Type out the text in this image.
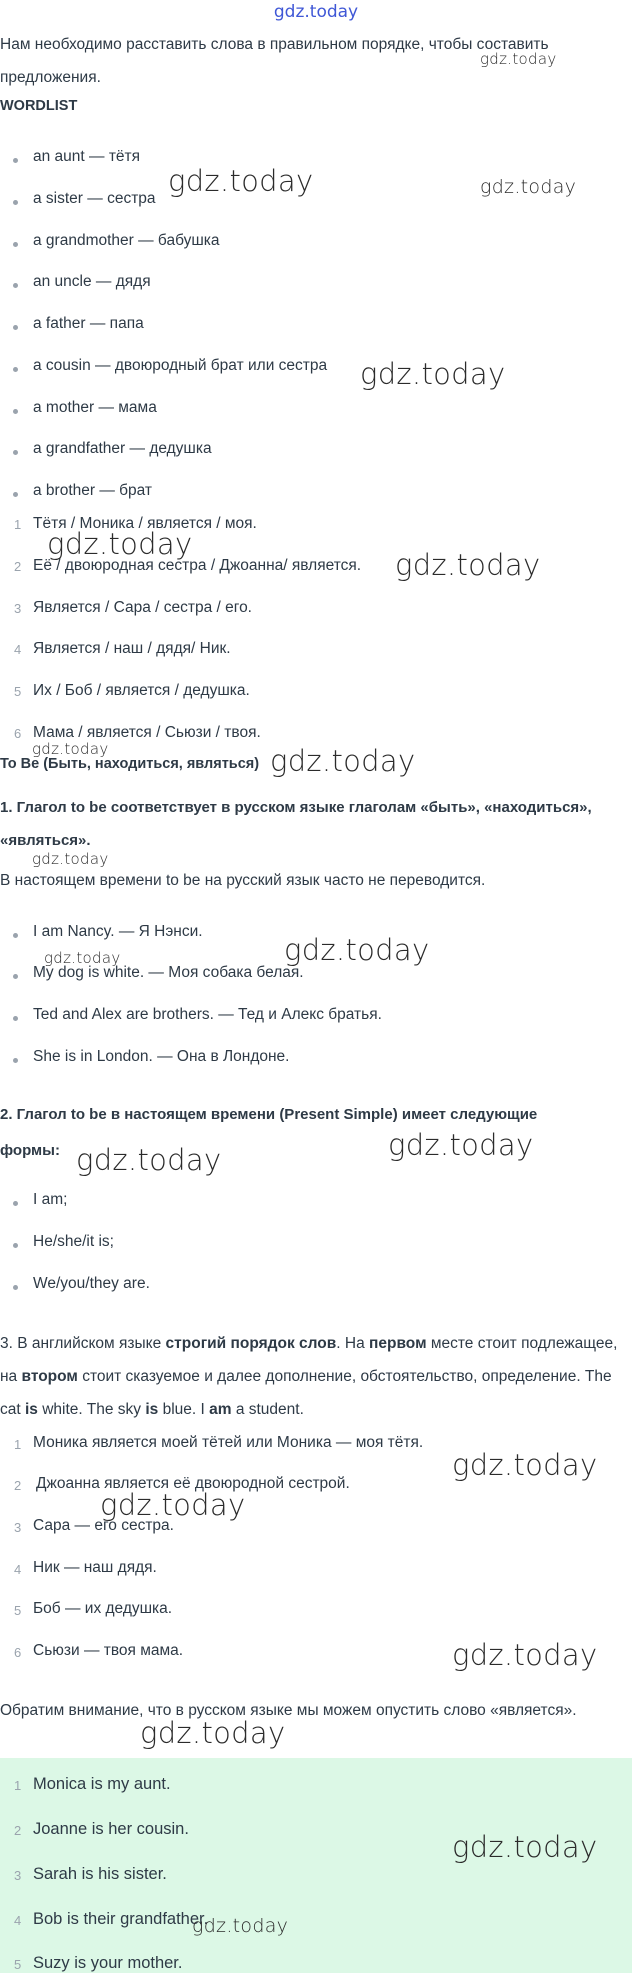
gdz.today
Нам необходимо расставить слова в правильном порядке, чтобы составить предложения.
WORDLIST
an aunt — тётя
a sister — сестра
a grandmother — бабушка
an uncle — дядя
a father — папа
a cousin — двоюродный брат или сестра
a mother — мама
a grandfather — дедушка
a brother — брат
1 Тётя / Моника / является / моя.
2 Её / двоюродная сестра / Джоанна/ является.
3 Является / Сара / сестра / его.
4 Является / наш / дядя/ Ник.
5 Их / Боб / является / дедушка.
6 Мама / является / Сьюзи / твоя.
To Be (Быть, находиться, являться)
1. Глагол to be соответствует в русском языке глаголам «быть», «находиться», «являться».
В настоящем времени to be на русский язык часто не переводится.
I am Nancy. — Я Нэнси.
My dog is white. — Моя собака белая.
Ted and Alex are brothers. — Тед и Алекс братья.
She is in London. — Она в Лондоне.
2. Глагол to be в настоящем времени (Present Simple) имеет следующие
формы:
I am;
He/she/it is;
We/you/they are.
3. В английском языке строгий порядок слов. На первом месте стоит подлежащее, на втором стоит сказуемое и далее дополнение, обстоятельство, определение. The cat is white. The sky is blue. I am a student.
1 Моника является моей тётей или Моника — моя тётя.
2 Джоанна является её двоюродной сестрой.
3 Сара — его сестра.
4 Ник — наш дядя.
5 Боб — их дедушка.
6 Сьюзи — твоя мама.
Обратим внимание, что в русском языке мы можем опустить слово «является».
1 Monica is my aunt.
2 Joanne is her cousin.
3 Sarah is his sister.
4 Bob is their grandfather.
5 Suzy is your mother.
gdz.today
gdz.today	gdz.today
gdz.today
gdz.today
gdz.today
gdz.today	gdz.today
gdz.today
gdz.today
gdz.today
gdz.today
gdz.today
gdz.today
gdz.today
gdz.today
gdz.today
gdz.today
gdz.today
